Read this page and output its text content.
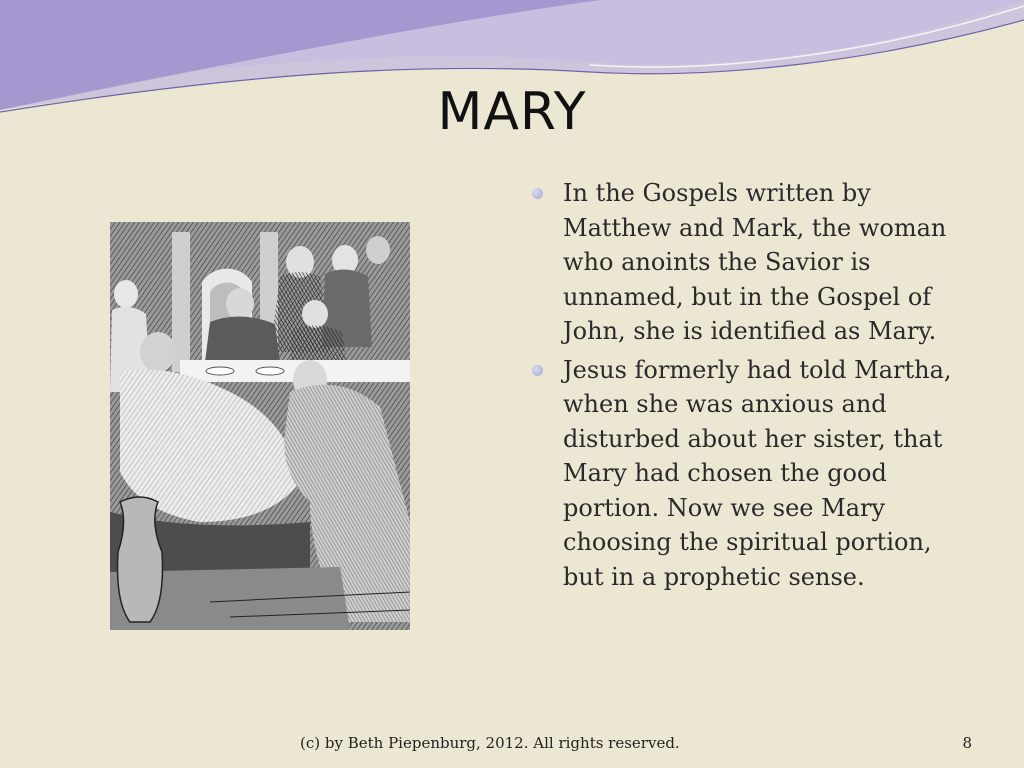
MARY
In the Gospels written by Matthew and Mark, the woman who anoints the Savior is unnamed, but in the Gospel of John, she is identified as Mary.
Jesus formerly had told Martha, when she was anxious and disturbed about her sister, that Mary had chosen the good portion. Now we see Mary choosing the spiritual portion, but in a prophetic sense.
(c) by Beth Piepenburg, 2012. All rights reserved.	8
